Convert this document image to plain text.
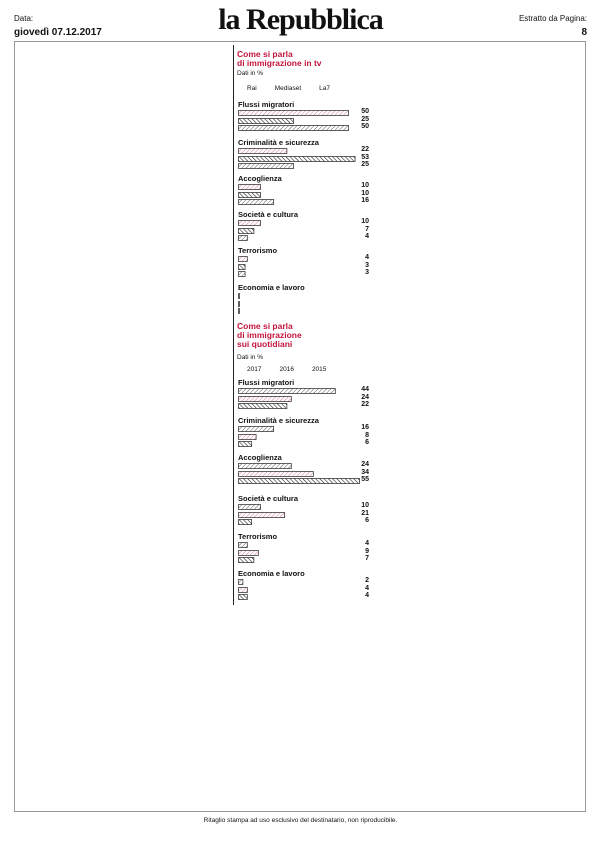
Data:
giovedì 07.12.2017	la Repubblica	Estratto da Pagina:
8
Come si parla
di immigrazione in tv
Dati in %
Rai	Mediaset	La7
Flussi migratori
50
25
50
Criminalità e sicurezza
22
53
25
Accoglienza
10
10
16
Società e cultura
10
7
4
Terrorismo
4
3
3
Economia e lavoro
Come si parla
di immigrazione
sui quotidiani
Dati in %
2017	2016	2015
Flussi migratori
44
24
22
Criminalità e sicurezza
16
8
6
Accoglienza
24
34
55
Società e cultura
10
21
6
Terrorismo
4
9
7
Economia e lavoro
2
4
4
Ritaglio stampa ad uso esclusivo del destinatario, non riproducibile.
